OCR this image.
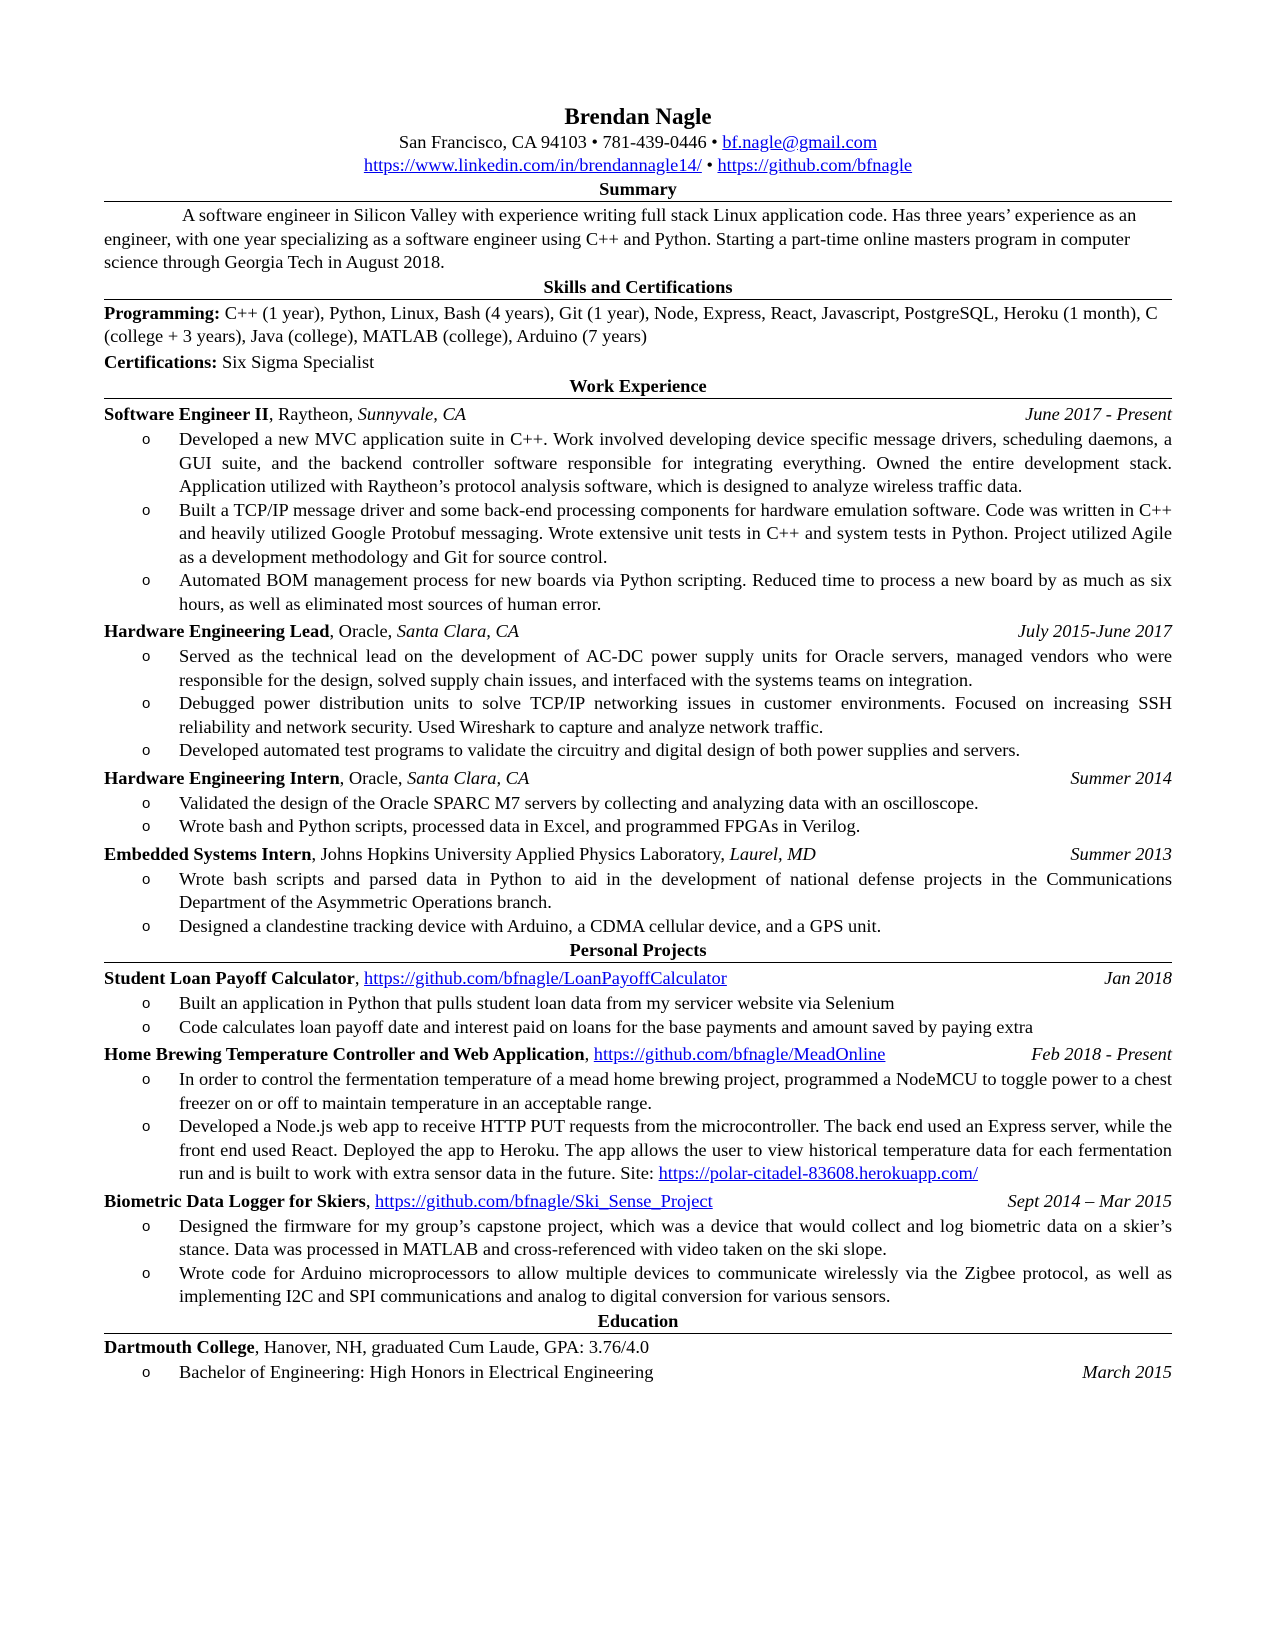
Brendan Nagle
San Francisco, CA 94103 • 781-439-0446 • bf.nagle@gmail.com
https://www.linkedin.com/in/brendannagle14/ • https://github.com/bfnagle
Summary
A software engineer in Silicon Valley with experience writing full stack Linux application code. Has three years’ experience as an engineer, with one year specializing as a software engineer using C++ and Python. Starting a part-time online masters program in computer science through Georgia Tech in August 2018.
Skills and Certifications
Programming: C++ (1 year), Python, Linux, Bash (4 years), Git (1 year), Node, Express, React, Javascript, PostgreSQL, Heroku (1 month), C (college + 3 years), Java (college), MATLAB (college), Arduino (7 years)
Certifications: Six Sigma Specialist
Work Experience
Software Engineer II, Raytheon, Sunnyvale, CA	June 2017 - Present
o Developed a new MVC application suite in C++. Work involved developing device specific message drivers, scheduling daemons, a GUI suite, and the backend controller software responsible for integrating everything. Owned the entire development stack. Application utilized with Raytheon’s protocol analysis software, which is designed to analyze wireless traffic data.
o Built a TCP/IP message driver and some back-end processing components for hardware emulation software. Code was written in C++ and heavily utilized Google Protobuf messaging. Wrote extensive unit tests in C++ and system tests in Python. Project utilized Agile as a development methodology and Git for source control.
o Automated BOM management process for new boards via Python scripting. Reduced time to process a new board by as much as six hours, as well as eliminated most sources of human error.
Hardware Engineering Lead, Oracle, Santa Clara, CA	July 2015-June 2017
o Served as the technical lead on the development of AC-DC power supply units for Oracle servers, managed vendors who were responsible for the design, solved supply chain issues, and interfaced with the systems teams on integration.
o Debugged power distribution units to solve TCP/IP networking issues in customer environments. Focused on increasing SSH reliability and network security. Used Wireshark to capture and analyze network traffic.
o Developed automated test programs to validate the circuitry and digital design of both power supplies and servers.
Hardware Engineering Intern, Oracle, Santa Clara, CA	Summer 2014
o Validated the design of the Oracle SPARC M7 servers by collecting and analyzing data with an oscilloscope.
o Wrote bash and Python scripts, processed data in Excel, and programmed FPGAs in Verilog.
Embedded Systems Intern, Johns Hopkins University Applied Physics Laboratory, Laurel, MD	Summer 2013
o Wrote bash scripts and parsed data in Python to aid in the development of national defense projects in the Communications Department of the Asymmetric Operations branch.
o Designed a clandestine tracking device with Arduino, a CDMA cellular device, and a GPS unit.
Personal Projects
Student Loan Payoff Calculator, https://github.com/bfnagle/LoanPayoffCalculator	Jan 2018
o Built an application in Python that pulls student loan data from my servicer website via Selenium
o Code calculates loan payoff date and interest paid on loans for the base payments and amount saved by paying extra
Home Brewing Temperature Controller and Web Application, https://github.com/bfnagle/MeadOnline	Feb 2018 - Present
o In order to control the fermentation temperature of a mead home brewing project, programmed a NodeMCU to toggle power to a chest freezer on or off to maintain temperature in an acceptable range.
o Developed a Node.js web app to receive HTTP PUT requests from the microcontroller. The back end used an Express server, while the front end used React. Deployed the app to Heroku. The app allows the user to view historical temperature data for each fermentation run and is built to work with extra sensor data in the future. Site: https://polar-citadel-83608.herokuapp.com/
Biometric Data Logger for Skiers, https://github.com/bfnagle/Ski_Sense_Project	Sept 2014 – Mar 2015
o Designed the firmware for my group’s capstone project, which was a device that would collect and log biometric data on a skier’s stance. Data was processed in MATLAB and cross-referenced with video taken on the ski slope.
o Wrote code for Arduino microprocessors to allow multiple devices to communicate wirelessly via the Zigbee protocol, as well as implementing I2C and SPI communications and analog to digital conversion for various sensors.
Education
Dartmouth College, Hanover, NH, graduated Cum Laude, GPA: 3.76/4.0
o Bachelor of Engineering: High Honors in Electrical Engineering	March 2015
